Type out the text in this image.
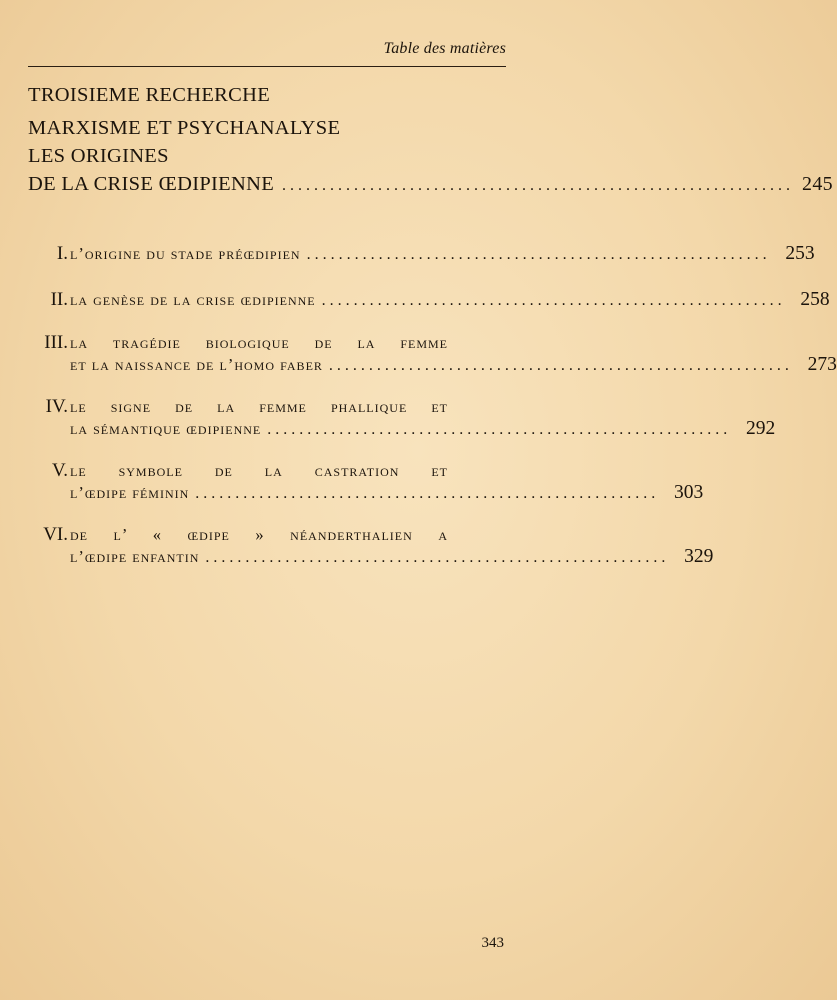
Table des matières
TROISIEME RECHERCHE
MARXISME ET PSYCHANALYSE
LES ORIGINES
DE LA CRISE ŒDIPIENNE ................................................................ 245
I. l’origine du stade préœdipien .......................................................... 253
II. la genèse de la crise œdipienne .......................................................... 258
III. la tragédie biologique de la femme
et la naissance de l’homo faber .......................................................... 273
IV. le signe de la femme phallique et
la sémantique œdipienne .......................................................... 292
V. le symbole de la castration et
l’œdipe féminin .......................................................... 303
VI. de l’ « œdipe » néanderthalien a
l’œdipe enfantin .......................................................... 329
343
